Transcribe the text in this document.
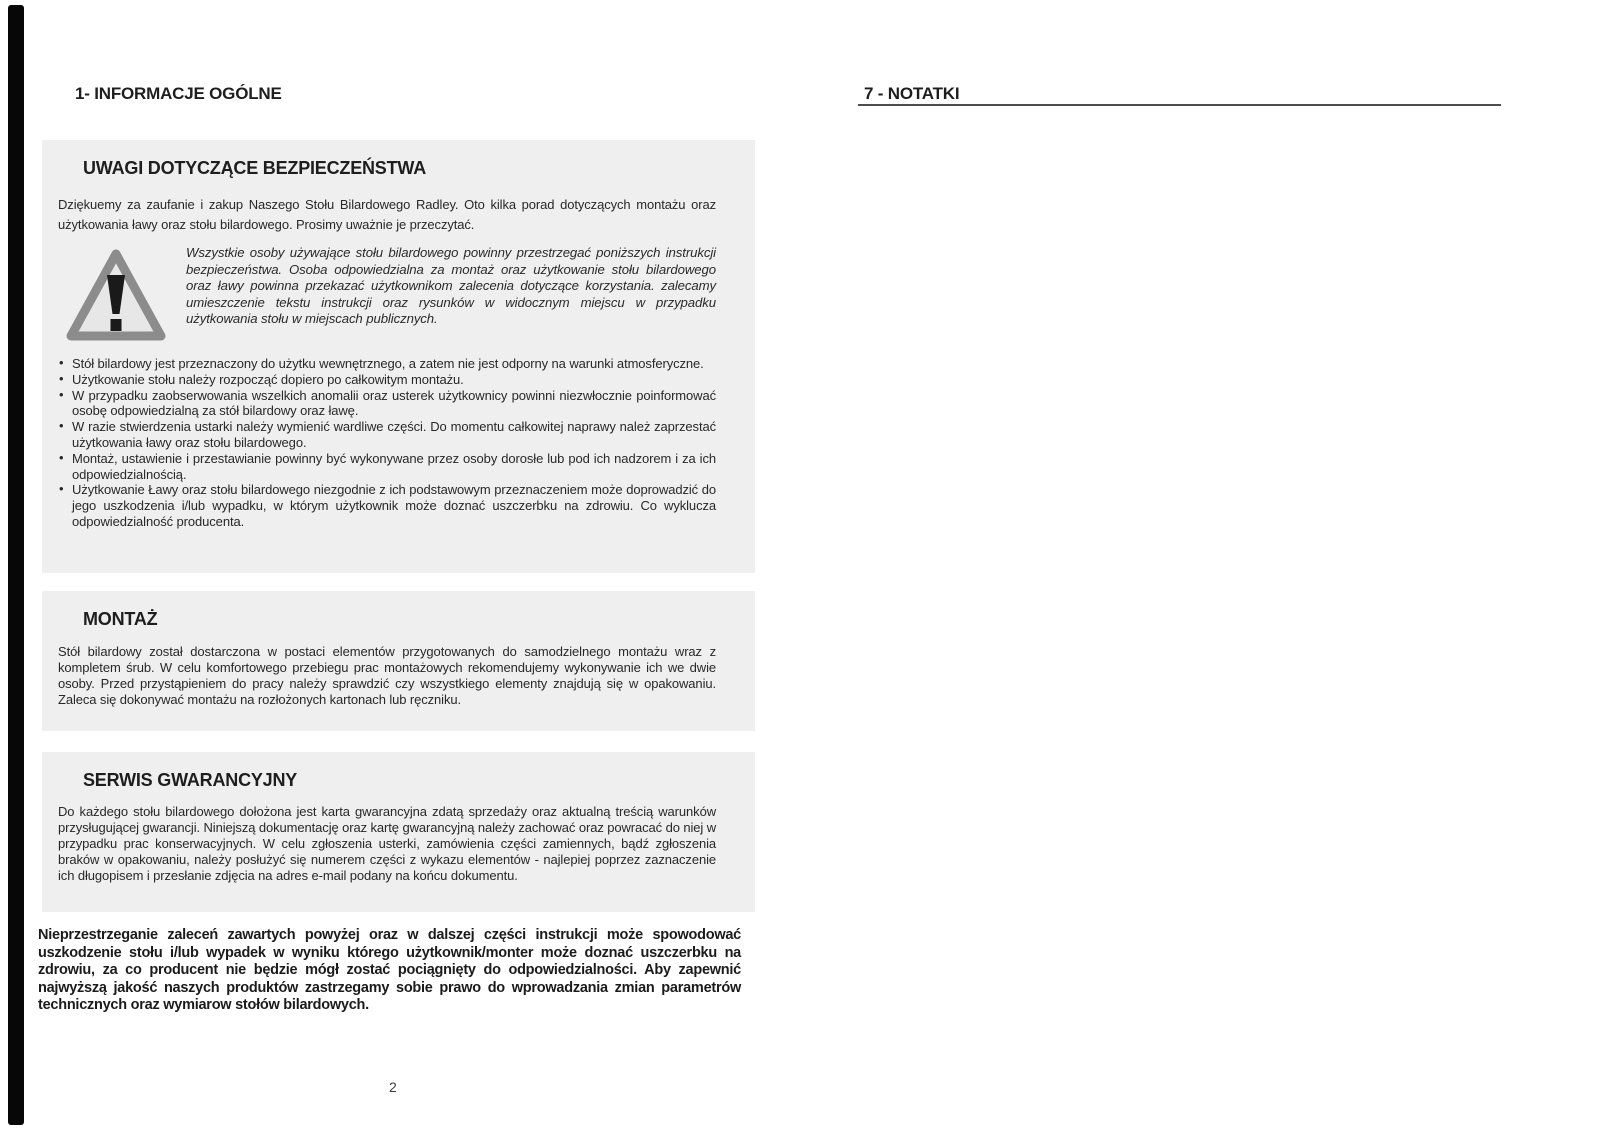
1- INFORMACJE OGÓLNE
UWAGI DOTYCZĄCE BEZPIECZEŃSTWA
Dziękuemy za zaufanie i zakup Naszego Stołu Bilardowego Radley. Oto kilka porad dotyczących montażu oraz użytkowania ławy oraz stołu bilardowego. Prosimy uważnie je przeczytać.
Wszystkie osoby używające stołu bilardowego powinny przestrzegać poniższych instrukcji bezpieczeństwa. Osoba odpowiedzialna za montaż oraz użytkowanie stołu bilardowego oraz ławy powinna przekazać użytkownikom zalecenia dotyczące korzystania. zalecamy umieszczenie tekstu instrukcji oraz rysunków w widocznym miejscu w przypadku użytkowania stołu w miejscach publicznych.
• Stół bilardowy jest przeznaczony do użytku wewnętrznego, a zatem nie jest odporny na warunki atmosferyczne.
• Użytkowanie stołu należy rozpocząć dopiero po całkowitym montażu.
• W przypadku zaobserwowania wszelkich anomalii oraz usterek użytkownicy powinni niezwłocznie poinformować osobę odpowiedzialną za stół bilardowy oraz ławę.
• W razie stwierdzenia ustarki należy wymienić wardliwe części. Do momentu całkowitej naprawy należ zaprzestać użytkowania ławy oraz stołu bilardowego.
• Montaż, ustawienie i przestawianie powinny być wykonywane przez osoby dorosłe lub pod ich nadzorem i za ich odpowiedzialnością.
• Użytkowanie Ławy oraz stołu bilardowego niezgodnie z ich podstawowym przeznaczeniem może doprowadzić do jego uszkodzenia i/lub wypadku, w którym użytkownik może doznać uszczerbku na zdrowiu. Co wyklucza odpowiedzialność producenta.
MONTAŻ
Stół bilardowy został dostarczona w postaci elementów przygotowanych do samodzielnego montażu wraz z kompletem śrub. W celu komfortowego przebiegu prac montażowych rekomendujemy wykonywanie ich we dwie osoby. Przed przystąpieniem do pracy należy sprawdzić czy wszystkiego elementy znajdują się w opakowaniu. Zaleca się dokonywać montażu na rozłożonych kartonach lub ręczniku.
SERWIS GWARANCYJNY
Do każdego stołu bilardowego dołożona jest karta gwarancyjna zdatą sprzedaży oraz aktualną treścią warunków przysługującej gwarancji. Niniejszą dokumentację oraz kartę gwarancyjną należy zachować oraz powracać do niej w przypadku prac konserwacyjnych. W celu zgłoszenia usterki, zamówienia części zamiennych, bądź zgłoszenia braków w opakowaniu, należy posłużyć się numerem części z wykazu elementów - najlepiej poprzez zaznaczenie ich długopisem i przesłanie zdjęcia na adres e-mail podany na końcu dokumentu.
Nieprzestrzeganie zaleceń zawartych powyżej oraz w dalszej części instrukcji może spowodować uszkodzenie stołu i/lub wypadek w wyniku którego użytkownik/monter może doznać uszczerbku na zdrowiu, za co producent nie będzie mógł zostać pociągnięty do odpowiedzialności. Aby zapewnić najwyższą jakość naszych produktów zastrzegamy sobie prawo do wprowadzania zmian parametrów technicznych oraz wymiarow stołów bilardowych.
2
7 - NOTATKI
